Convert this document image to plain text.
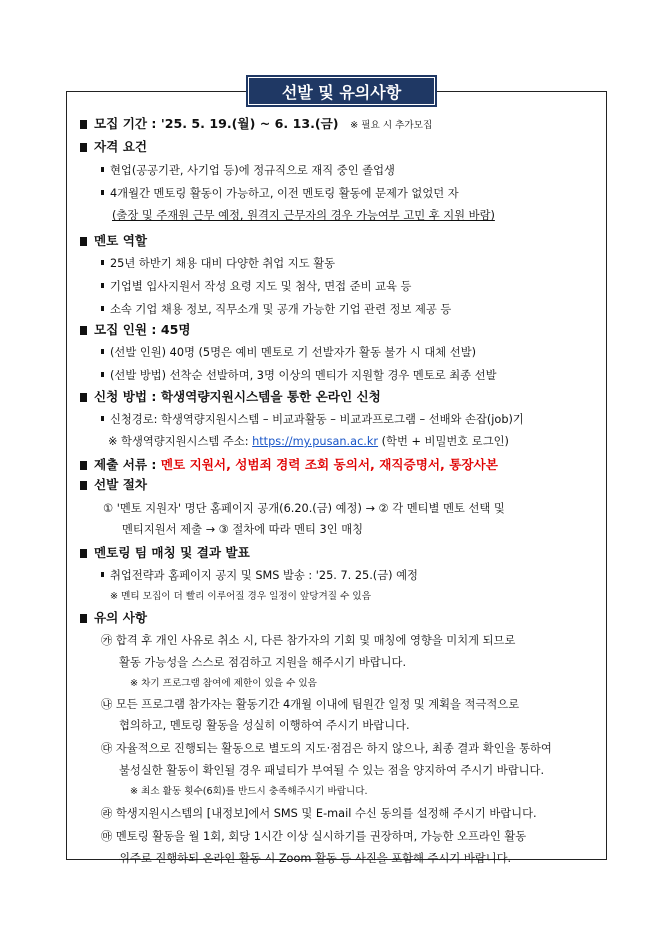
선발 및 유의사항
모집 기간 : '25. 5. 19.(월) ~ 6. 13.(금) ※ 필요 시 추가모집
자격 요건
현업(공공기관, 사기업 등)에 정규직으로 재직 중인 졸업생
4개월간 멘토링 활동이 가능하고, 이전 멘토링 활동에 문제가 없었던 자
(출장 및 주재원 근무 예정, 원격지 근무자의 경우 가능여부 고민 후 지원 바람)
멘토 역할
25년 하반기 채용 대비 다양한 취업 지도 활동
기업별 입사지원서 작성 요령 지도 및 첨삭, 면접 준비 교육 등
소속 기업 채용 정보, 직무소개 및 공개 가능한 기업 관련 정보 제공 등
모집 인원 : 45명
(선발 인원) 40명 (5명은 예비 멘토로 기 선발자가 활동 불가 시 대체 선발)
(선발 방법) 선착순 선발하며, 3명 이상의 멘티가 지원할 경우 멘토로 최종 선발
신청 방법 : 학생역량지원시스템을 통한 온라인 신청
신청경로: 학생역량지원시스템 – 비교과활동 – 비교과프로그램 – 선배와 손잡(job)기
※ 학생역량지원시스템 주소: https://my.pusan.ac.kr (학번 + 비밀번호 로그인)
제출 서류 : 멘토 지원서, 성범죄 경력 조회 동의서, 재직증명서, 통장사본
선발 절차
① '멘토 지원자' 명단 홈페이지 공개(6.20.(금) 예정) → ② 각 멘티별 멘토 선택 및
멘티지원서 제출 → ③ 절차에 따라 멘티 3인 매칭
멘토링 팀 매칭 및 결과 발표
취업전략과 홈페이지 공지 및 SMS 발송 : '25. 7. 25.(금) 예정
※ 멘티 모집이 더 빨리 이루어질 경우 일정이 앞당겨질 수 있음
유의 사항
㉮ 합격 후 개인 사유로 취소 시, 다른 참가자의 기회 및 매칭에 영향을 미치게 되므로
활동 가능성을 스스로 점검하고 지원을 해주시기 바랍니다.
※ 차기 프로그램 참여에 제한이 있을 수 있음
㉯ 모든 프로그램 참가자는 활동기간 4개월 이내에 팀원간 일정 및 계획을 적극적으로
협의하고, 멘토링 활동을 성실히 이행하여 주시기 바랍니다.
㉰ 자율적으로 진행되는 활동으로 별도의 지도·점검은 하지 않으나, 최종 결과 확인을 통하여
불성실한 활동이 확인될 경우 패널티가 부여될 수 있는 점을 양지하여 주시기 바랍니다.
※ 최소 활동 횟수(6회)를 반드시 충족해주시기 바랍니다.
㉱ 학생지원시스템의 [내정보]에서 SMS 및 E-mail 수신 동의를 설정해 주시기 바랍니다.
㉲ 멘토링 활동을 월 1회, 회당 1시간 이상 실시하기를 권장하며, 가능한 오프라인 활동
위주로 진행하되 온라인 활동 시 Zoom 활동 등 사진을 포함해 주시기 바랍니다.
